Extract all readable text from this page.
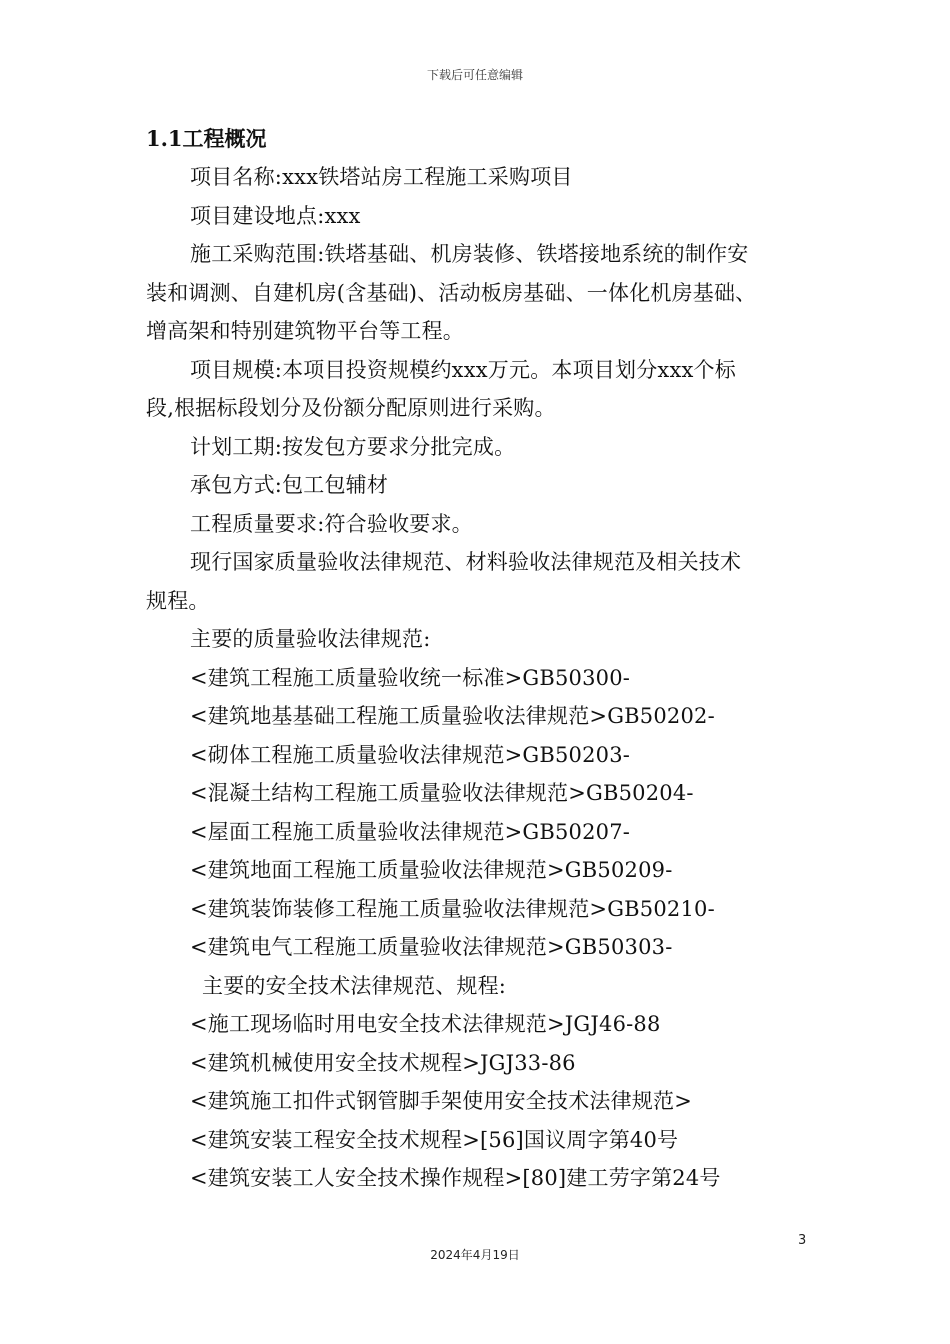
下载后可任意编辑
1.1工程概况
项目名称:xxx铁塔站房工程施工采购项目
项目建设地点:xxx
施工采购范围:铁塔基础、机房装修、铁塔接地系统的制作安
装和调测、自建机房(含基础)、活动板房基础、一体化机房基础、
增高架和特别建筑物平台等工程。
项目规模:本项目投资规模约xxx万元。本项目划分xxx个标
段,根据标段划分及份额分配原则进行采购。
计划工期:按发包方要求分批完成。
承包方式:包工包辅材
工程质量要求:符合验收要求。
现行国家质量验收法律规范、材料验收法律规范及相关技术
规程。
主要的质量验收法律规范:
<建筑工程施工质量验收统一标准>GB50300-
<建筑地基基础工程施工质量验收法律规范>GB50202-
<砌体工程施工质量验收法律规范>GB50203-
<混凝土结构工程施工质量验收法律规范>GB50204-
<屋面工程施工质量验收法律规范>GB50207-
<建筑地面工程施工质量验收法律规范>GB50209-
<建筑装饰装修工程施工质量验收法律规范>GB50210-
<建筑电气工程施工质量验收法律规范>GB50303-
主要的安全技术法律规范、规程:
<施工现场临时用电安全技术法律规范>JGJ46-88
<建筑机械使用安全技术规程>JGJ33-86
<建筑施工扣件式钢管脚手架使用安全技术法律规范>
<建筑安装工程安全技术规程>[56]国议周字第40号
<建筑安装工人安全技术操作规程>[80]建工劳字第24号
3
2024年4月19日
